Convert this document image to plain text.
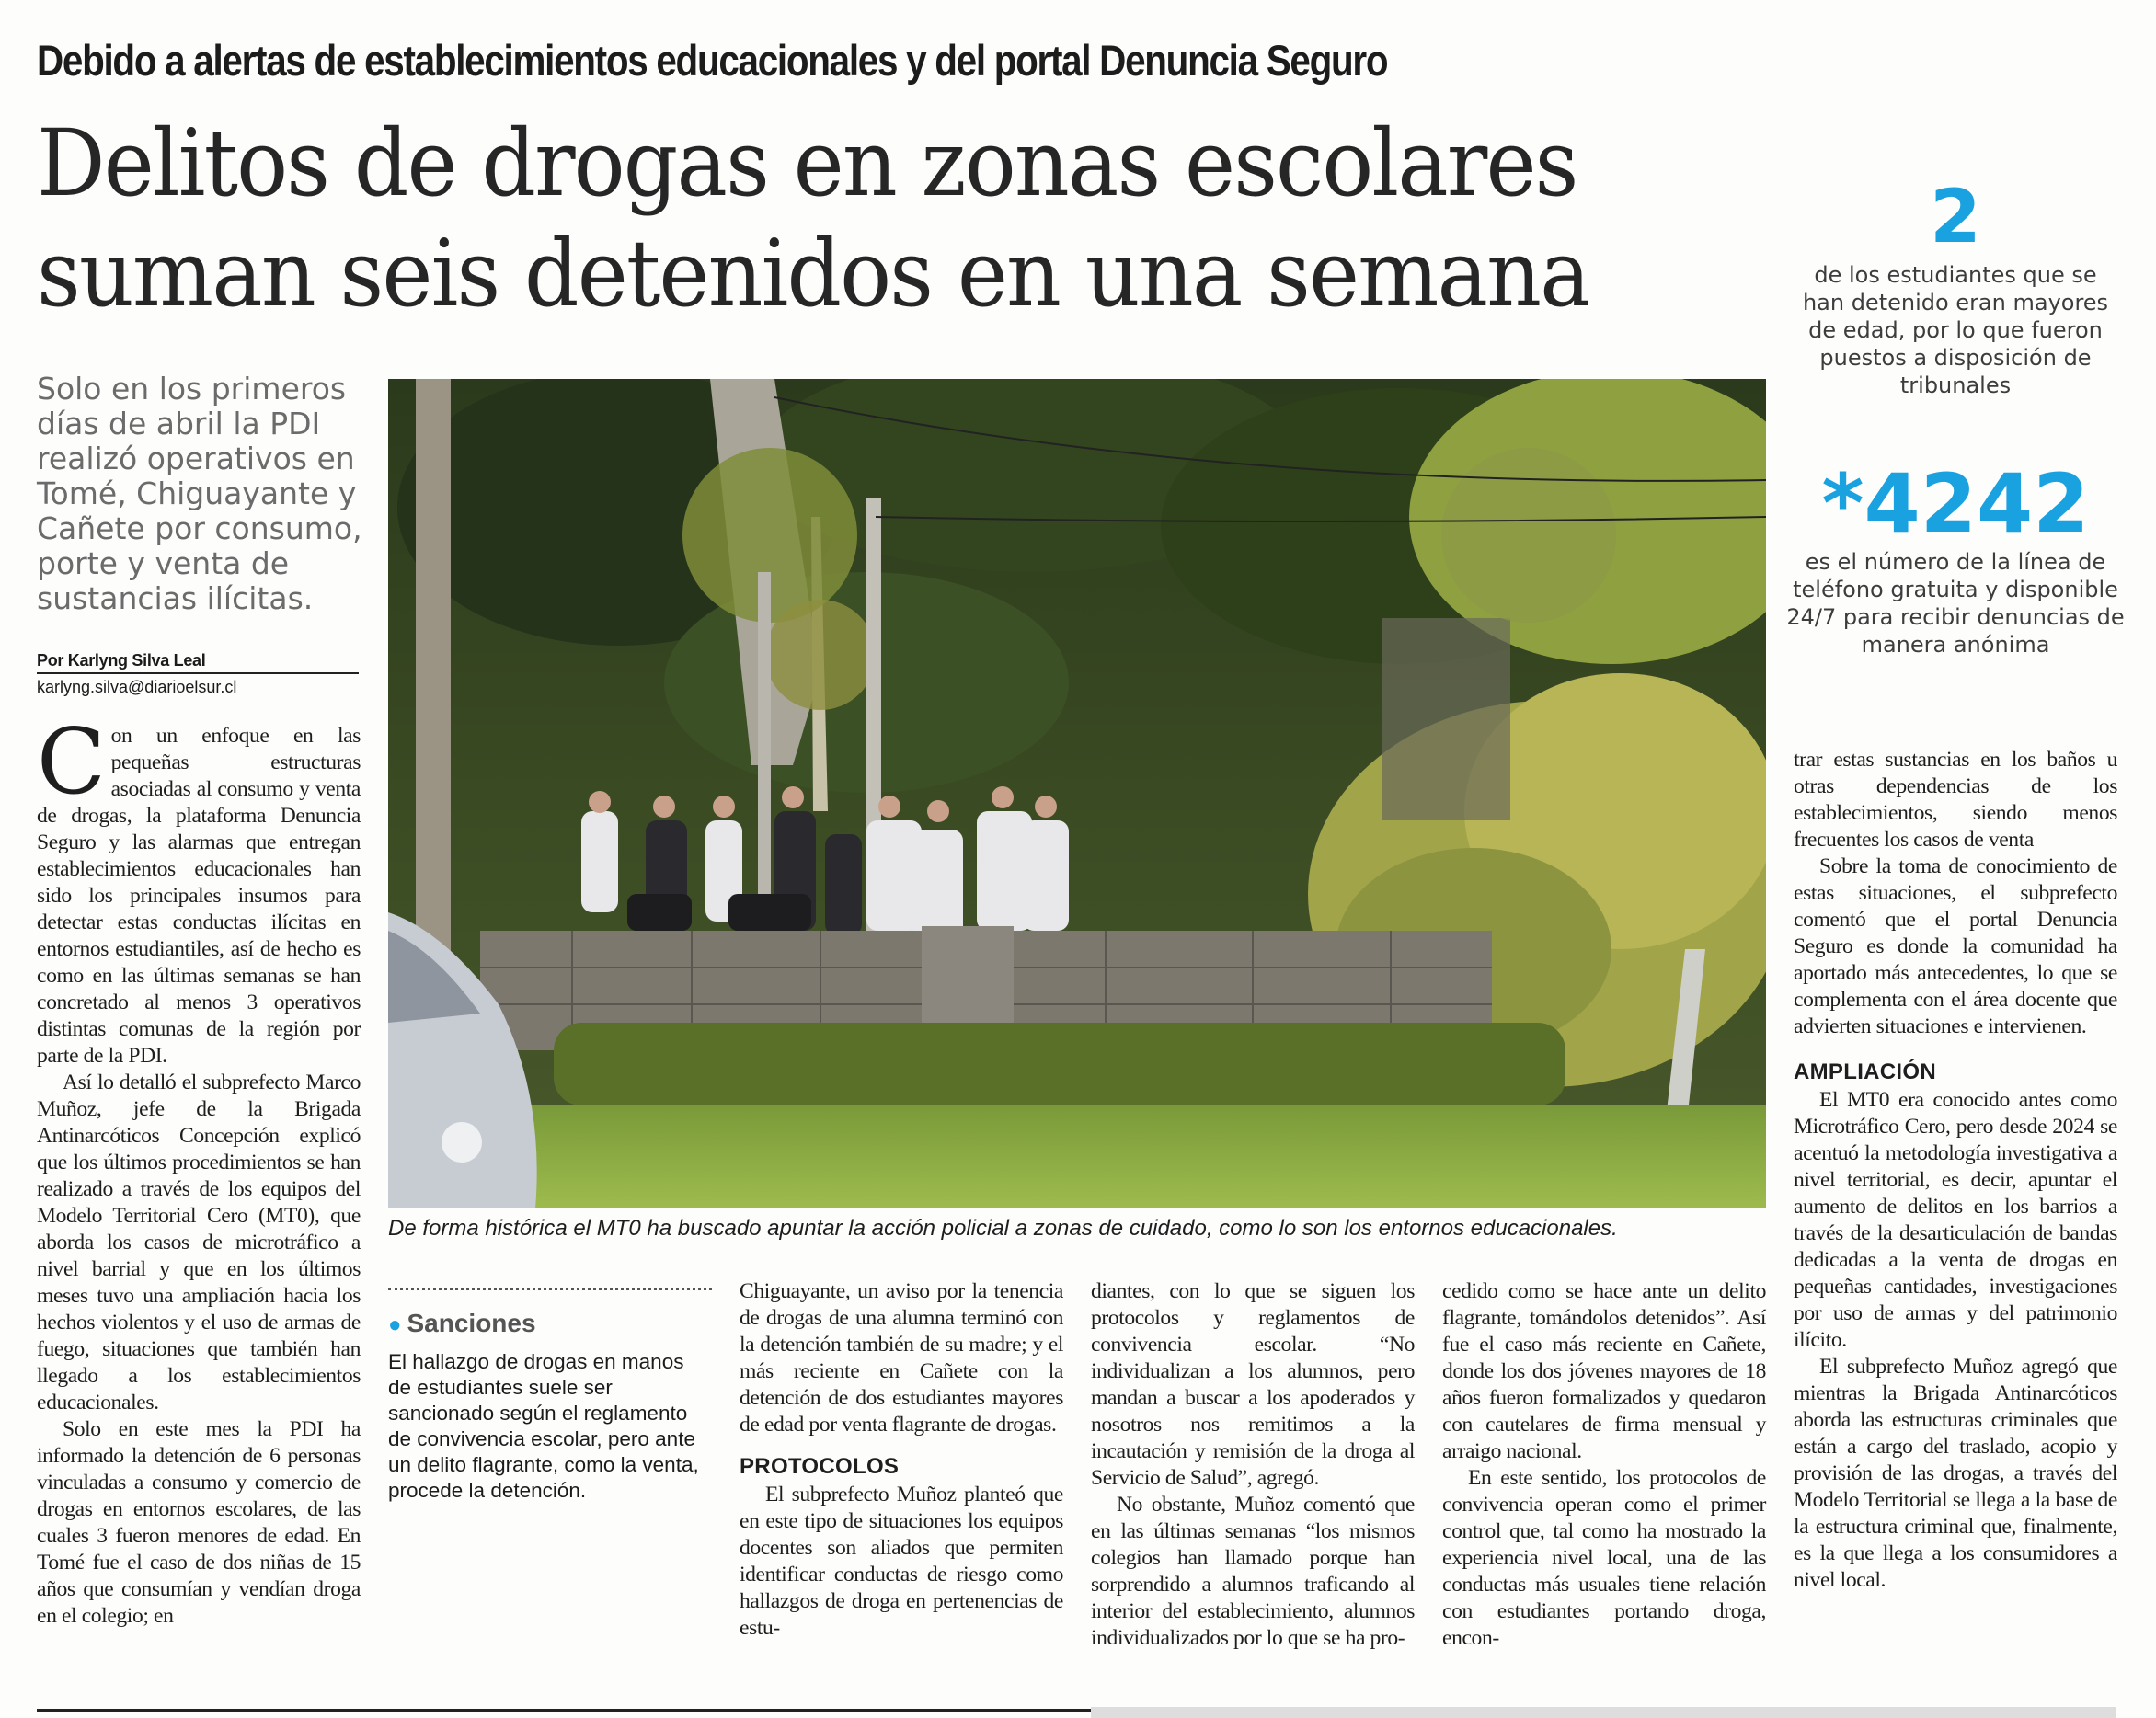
Debido a alertas de establecimientos educacionales y del portal Denuncia Seguro
Delitos de drogas en zonas escolares
suman seis detenidos en una semana
2
de los estudiantes que se han detenido eran mayores de edad, por lo que fueron puestos a disposición de tribunales
*4242
es el número de la línea de teléfono gratuita y disponible 24/7 para recibir denuncias de manera anónima
Solo en los primeros días de abril la PDI realizó operativos en Tomé, Chiguayante y Cañete por consumo, porte y venta de sustancias ilícitas.
Por Karlyng Silva Leal
karlyng.silva@diarioelsur.cl
De forma histórica el MT0 ha buscado apuntar la acción policial a zonas de cuidado, como lo son los entornos educacionales.

Con un enfoque en las pequeñas estructuras asociadas al consumo y venta de drogas, la plataforma Denuncia Seguro y las alarmas que entregan establecimientos educacionales han sido los principales insumos para detectar estas conductas ilícitas en entornos estudiantiles, así de hecho es como en las últimas semanas se han concretado al menos 3 operativos distintas comunas de la región por parte de la PDI.

Así lo detalló el subprefecto Marco Muñoz, jefe de la Brigada Antinarcóticos Concepción explicó que los últimos procedimientos se han realizado a través de los equipos del Modelo Territorial Cero (MT0), que aborda los casos de microtráfico a nivel barrial y que en los últimos meses tuvo una ampliación hacia los hechos violentos y el uso de armas de fuego, situaciones que también han llegado a los establecimientos educacionales.

Solo en este mes la PDI ha informado la detención de 6 personas vinculadas a consumo y comercio de drogas en entornos escolares, de las cuales 3 fueron menores de edad. En Tomé fue el caso de dos niñas de 15 años que consumían y vendían droga en el colegio; en

● Sanciones
El hallazgo de drogas en manos de estudiantes suele ser sancionado según el reglamento de convivencia escolar, pero ante un delito flagrante, como la venta, procede la detención.

Chiguayante, un aviso por la tenencia de drogas de una alumna terminó con la detención también de su madre; y el más reciente en Cañete con la detención de dos estudiantes mayores de edad por venta flagrante de drogas.

PROTOCOLOS

El subprefecto Muñoz planteó que en este tipo de situaciones los equipos docentes son aliados que permiten identificar conductas de riesgo como hallazgos de droga en pertenencias de estu-

diantes, con lo que se siguen los protocolos y reglamentos de convivencia escolar. “No individualizan a los alumnos, pero mandan a buscar a los apoderados y nosotros nos remitimos a la incautación y remisión de la droga al Servicio de Salud”, agregó.

No obstante, Muñoz comentó que en las últimas semanas “los mismos colegios han llamado porque han sorprendido a alumnos traficando al interior del establecimiento, alumnos individualizados por lo que se ha pro-

cedido como se hace ante un delito flagrante, tomándolos detenidos”. Así fue el caso más reciente en Cañete, donde los dos jóvenes mayores de 18 años fueron formalizados y quedaron con cautelares de firma mensual y arraigo nacional.

En este sentido, los protocolos de convivencia operan como el primer control que, tal como ha mostrado la experiencia nivel local, una de las conductas más usuales tiene relación con estudiantes portando droga, encon-

trar estas sustancias en los baños u otras dependencias de los establecimientos, siendo menos frecuentes los casos de venta

Sobre la toma de conocimiento de estas situaciones, el subprefecto comentó que el portal Denuncia Seguro es donde la comunidad ha aportado más antecedentes, lo que se complementa con el área docente que advierten situaciones e intervienen.

AMPLIACIÓN

El MT0 era conocido antes como Microtráfico Cero, pero desde 2024 se acentuó la metodología investigativa a nivel territorial, es decir, apuntar el aumento de delitos en los barrios a través de la desarticulación de bandas dedicadas a la venta de drogas en pequeñas cantidades, investigaciones por uso de armas y del patrimonio ilícito.

El subprefecto Muñoz agregó que mientras la Brigada Antinarcóticos aborda las estructuras criminales que están a cargo del traslado, acopio y provisión de las drogas, a través del Modelo Territorial se llega a la base de la estructura criminal que, finalmente, es la que llega a los consumidores a nivel local.
